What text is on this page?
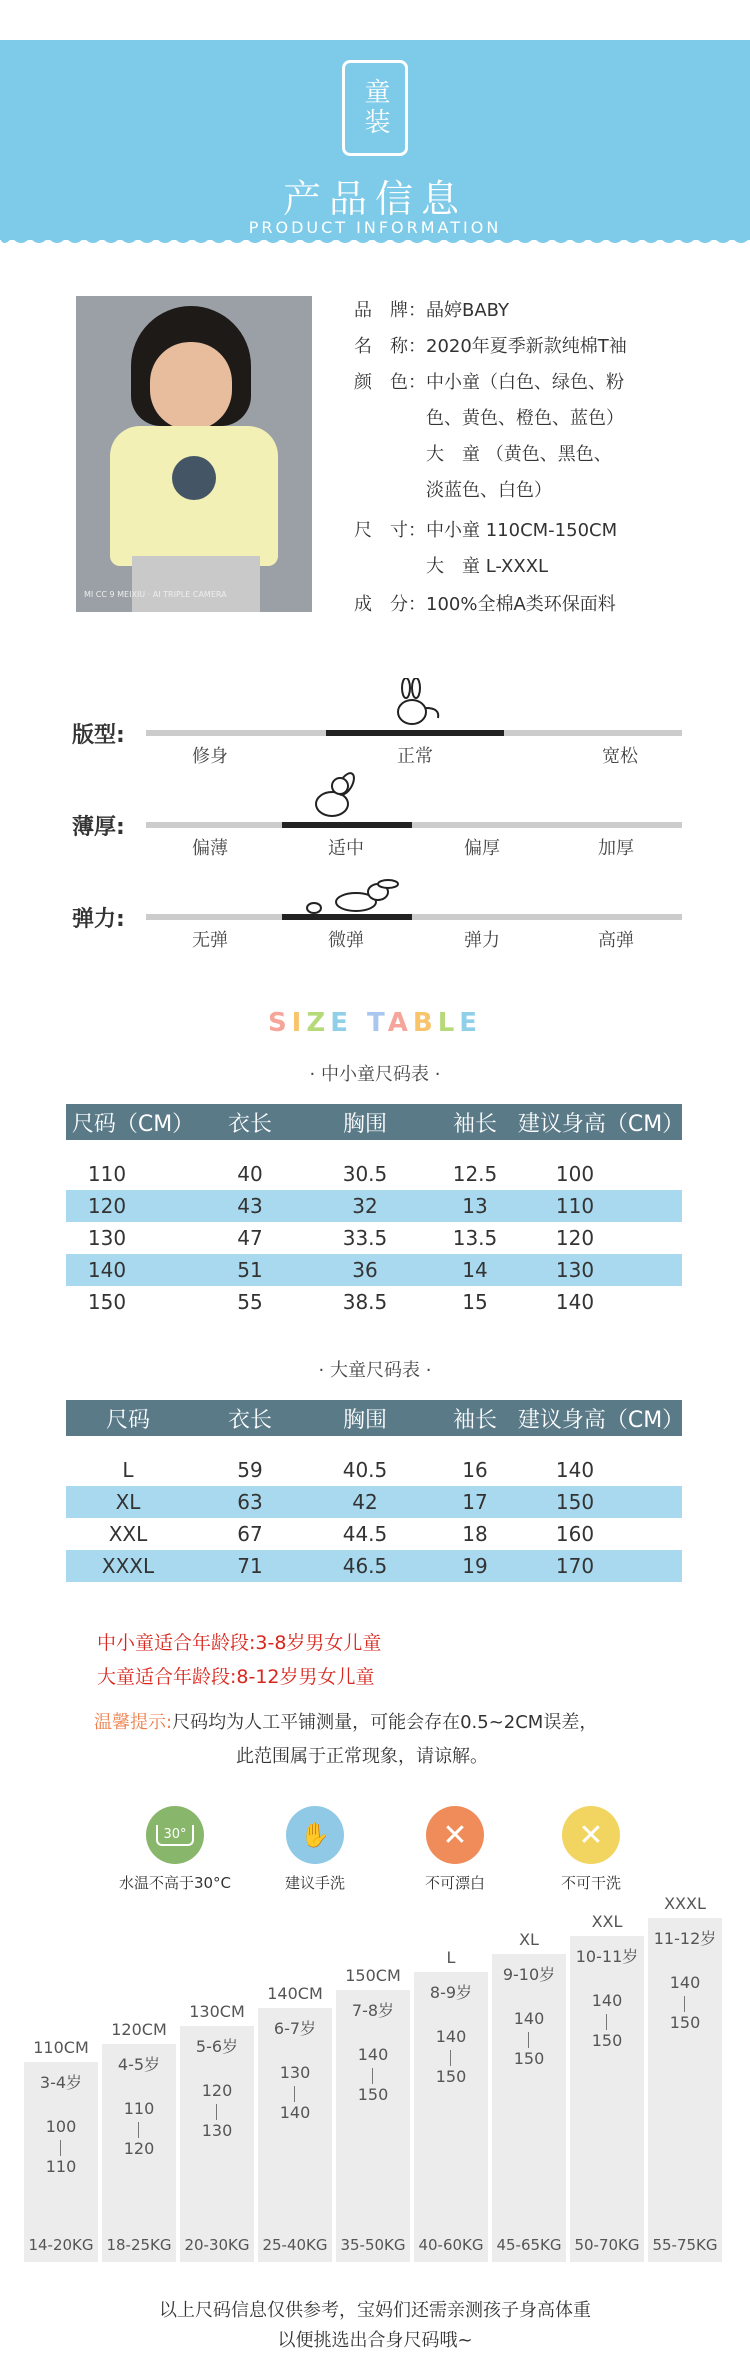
童装
产品信息
PRODUCT INFORMATION
MI CC 9 MEIXIU · AI TRIPLE CAMERA
品　牌：晶婷BABY
名　称：2020年夏季新款纯棉T袖
颜　色：中小童（白色、绿色、粉
　　　　色、黄色、橙色、蓝色）
　　　　大　童 （黄色、黑色、
　　　　淡蓝色、白色）
尺　寸：中小童 110CM-150CM
　　　　大　童 L-XXXL
成　分：100%全棉A类环保面料
版型:
修身	正常	宽松
薄厚:
偏薄	适中	偏厚	加厚
弹力:
无弹	微弹	弹力	高弹
SIZE TABLE
· 中小童尺码表 ·
尺码（CM）	衣长	胸围	袖长 建议身高（CM）
110	40	30.5	12.5	100
120	43	32	13	110
130	47	33.5	13.5	120
140	51	36	14	130
150	55	38.5	15	140
· 大童尺码表 ·
尺码	衣长	胸围	袖长 建议身高（CM）
L	59	40.5	16	140
XL	63	42	17	150
XXL	67	44.5	18	160
XXXL	71	46.5	19	170
中小童适合年龄段:3-8岁男女儿童
大童适合年龄段:8-12岁男女儿童
温馨提示:尺码均为人工平铺测量，可能会存在0.5~2CM误差，
此范围属于正常现象，请谅解。
30°	✋	✕	✕
水温不高于30°C	建议手洗	不可漂白	不可干洗
110CM
3-4岁
100
110
14-20KG
120CM
4-5岁
110
120
18-25KG
130CM
5-6岁
120
130
20-30KG
140CM
6-7岁
130
140
25-40KG
150CM
7-8岁
140
150
35-50KG
L
8-9岁
140
150
40-60KG
XL
9-10岁
140
150
45-65KG
XXL
10-11岁
140
150
50-70KG
XXXL
11-12岁
140
150
55-75KG
以上尺码信息仅供参考，宝妈们还需亲测孩子身高体重
以便挑选出合身尺码哦~
